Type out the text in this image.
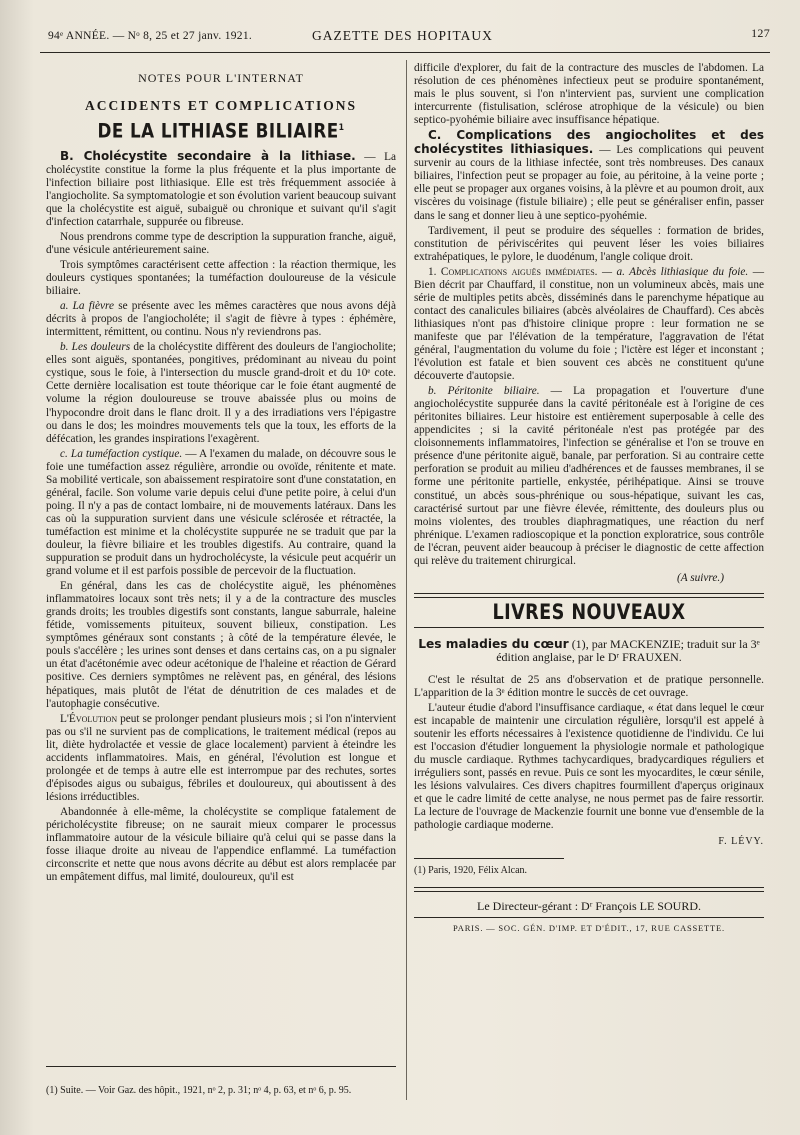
94ᵉ ANNÉE. — Nᵒ 8, 25 et 27 janv. 1921.	GAZETTE DES HOPITAUX	127
NOTES POUR L'INTERNAT
ACCIDENTS ET COMPLICATIONS
DE LA LITHIASE BILIAIRE$^1$

B. Cholécystite secondaire à la lithiase. — La cholécystite constitue la forme la plus fréquente et la plus importante de l'infection biliaire post lithiasique. Elle est très fréquemment associée à l'angiocholite. Sa symptomatologie et son évolution varient beaucoup suivant que la cholécystite est aiguë, subaiguë ou chronique et suivant qu'il s'agit d'infection catarrhale, suppurée ou fibreuse.

Nous prendrons comme type de description la suppuration franche, aiguë, d'une vésicule antérieurement saine.

Trois symptômes caractérisent cette affection : la réaction thermique, les douleurs cystiques spontanées; la tuméfaction douloureuse de la vésicule biliaire.

a. La fièvre se présente avec les mêmes caractères que nous avons déjà décrits à propos de l'angiocholéte; il s'agit de fièvre à types : éphémère, intermittent, rémittent, ou continu. Nous n'y reviendrons pas.

b. Les douleurs de la cholécystite diffèrent des douleurs de l'angiocholite; elles sont aiguës, spontanées, pongitives, prédominant au niveau du point cystique, sous le foie, à l'intersection du muscle grand-droit et du 10ᵉ cote. Cette dernière localisation est toute théorique car le foie étant augmenté de volume la région douloureuse se trouve abaissée plus ou moins de l'hypocondre droit dans le flanc droit. Il y a des irradiations vers l'épigastre ou dans le dos; les moindres mouvements tels que la toux, les efforts de la défécation, les grandes inspirations l'exagèrent.

c. La tuméfaction cystique. — A l'examen du malade, on découvre sous le foie une tuméfaction assez régulière, arrondie ou ovoïde, rénitente et mate. Sa mobilité verticale, son abaissement respiratoire sont d'une constatation, en général, facile. Son volume varie depuis celui d'une petite poire, à celui d'un poing. Il n'y a pas de contact lombaire, ni de mouvements latéraux. Dans les cas où la suppuration survient dans une vésicule sclérosée et rétractée, la tuméfaction est minime et la cholécystite suppurée ne se traduit que par la douleur, la fièvre biliaire et les troubles digestifs. Au contraire, quand la suppuration se produit dans un hydrocholécyste, la vésicule peut acquérir un grand volume et il est parfois possible de percevoir de la fluctuation.

En général, dans les cas de cholécystite aiguë, les phénomènes inflammatoires locaux sont très nets; il y a de la contracture des muscles grands droits; les troubles digestifs sont constants, langue saburrale, haleine fétide, vomissements pituiteux, souvent bilieux, constipation. Les symptômes généraux sont constants ; à côté de la température élevée, le pouls s'accélère ; les urines sont denses et dans certains cas, on a pu signaler un état d'acétonémie avec odeur acétonique de l'haleine et réaction de Gérard positive. Ces derniers symptômes ne relèvent pas, en général, des lésions hépatiques, mais plutôt de l'état de dénutrition de ces malades et de l'autophagie consécutive.

L'Évolution peut se prolonger pendant plusieurs mois ; si l'on n'intervient pas ou s'il ne survient pas de complications, le traitement médical (repos au lit, diète hydrolactée et vessie de glace localement) parvient à éteindre les accidents inflammatoires. Mais, en général, l'évolution est longue et prolongée et de temps à autre elle est interrompue par des rechutes, sortes d'épisodes aigus ou subaigus, fébriles et douloureux, qui aboutissent à des lésions irréductibles.

Abandonnée à elle-même, la cholécystite se complique fatalement de péricholécystite fibreuse; on ne saurait mieux comparer le processus inflammatoire autour de la vésicule biliaire qu'à celui qui se passe dans la fosse iliaque droite au niveau de l'appendice enflammé. La tuméfaction circonscrite et nette que nous avons décrite au début est alors remplacée par un empâtement diffus, mal limité, douloureux, qu'il est

(1) Suite. — Voir Gaz. des hôpit., 1921, nᵒ 2, p. 31; nᵒ 4, p. 63, et nᵒ 6, p. 95.

difficile d'explorer, du fait de la contracture des muscles de l'abdomen. La résolution de ces phénomènes infectieux peut se produire spontanément, mais le plus souvent, si l'on n'intervient pas, survient une complication intercurrente (fistulisation, sclérose atrophique de la vésicule) ou bien septico-pyohémie biliaire avec insuffisance hépatique.

C. Complications des angiocholites et des cholécystites lithiasiques. — Les complications qui peuvent survenir au cours de la lithiase infectée, sont très nombreuses. Des canaux biliaires, l'infection peut se propager au foie, au péritoine, à la veine porte ; elle peut se propager aux organes voisins, à la plèvre et au poumon droit, aux viscères du voisinage (fistule biliaire) ; elle peut se généraliser enfin, passer dans le sang et donner lieu à une septico-pyohémie.

Tardivement, il peut se produire des séquelles : formation de brides, constitution de périviscérites qui peuvent léser les voies biliaires extrahépatiques, le pylore, le duodénum, l'angle colique droit.

1. Complications aiguës immédiates. — a. Abcès lithiasique du foie. — Bien décrit par Chauffard, il constitue, non un volumineux abcès, mais une série de multiples petits abcès, disséminés dans le parenchyme hépatique au contact des canalicules biliaires (abcès alvéolaires de Chauffard). Ces abcès lithiasiques n'ont pas d'histoire clinique propre : leur formation ne se manifeste que par l'élévation de la température, l'aggravation de l'état général, l'augmentation du volume du foie ; l'ictère est léger et inconstant ; l'évolution est fatale et bien souvent ces abcès ne constituent qu'une découverte d'autopsie.

b. Péritonite biliaire. — La propagation et l'ouverture d'une angiocholécystite suppurée dans la cavité péritonéale est à l'origine de ces péritonites biliaires. Leur histoire est entièrement superposable à celle des appendicites ; si la cavité péritonéale n'est pas protégée par des cloisonnements inflammatoires, l'infection se généralise et l'on se trouve en présence d'une péritonite aiguë, banale, par perforation. Si au contraire cette perforation se produit au milieu d'adhérences et de fausses membranes, il se forme une péritonite partielle, enkystée, périhépatique. Ainsi se trouve constitué, un abcès sous-phrénique ou sous-hépatique, suivant les cas, caractérisé surtout par une fièvre élevée, rémittente, des douleurs plus ou moins violentes, des troubles diaphragmatiques, une réaction du nerf phrénique. L'examen radioscopique et la ponction exploratrice, sous contrôle de l'écran, peuvent aider beaucoup à préciser le diagnostic de cette affection qui relève du traitement chirurgical.

(A suivre.)
LIVRES NOUVEAUX
Les maladies du cœur (1), par MACKENZIE; traduit sur la 3ᵉ édition anglaise, par le Dʳ FRAUXEN.

C'est le résultat de 25 ans d'observation et de pratique personnelle. L'apparition de la 3ᵉ édition montre le succès de cet ouvrage.

L'auteur étudie d'abord l'insuffisance cardiaque, « état dans lequel le cœur est incapable de maintenir une circulation régulière, lorsqu'il est appelé à soutenir les efforts nécessaires à l'existence quotidienne de l'individu. Ce lui est l'occasion d'étudier longuement la physiologie normale et pathologique du muscle cardiaque. Rythmes tachycardiques, bradycardiques réguliers et irréguliers sont, passés en revue. Puis ce sont les myocardites, le cœur sénile, les lésions valvulaires. Ces divers chapitres fourmillent d'aperçus originaux et que le cadre limité de cette analyse, ne nous permet pas de faire ressortir. La lecture de l'ouvrage de Mackenzie fournit une bonne vue d'ensemble de la pathologie cardiaque moderne.

F. LÉVY.

(1) Paris, 1920, Félix Alcan.

Le Directeur-gérant : Dʳ François LE SOURD.
PARIS. — SOC. GÉN. D'IMP. ET D'ÉDIT., 17, RUE CASSETTE.
